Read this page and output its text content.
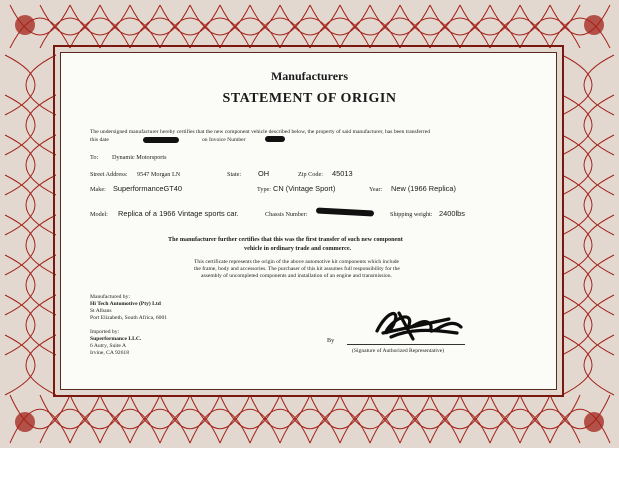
Manufacturers
STATEMENT OF ORIGIN
The undersigned manufacturer hereby certifies that the new component vehicle described below, the property of said manufacturer, has been transferred
this date	on Invoice Number
To: Dynamic Motorsports
Street Address: 9547 Morgan LN	State: OH	Zip Code: 45013
Make: SuperformanceGT40	Type: CN (Vintage Sport)	Year: New (1966 Replica)
Model: Replica of a 1966 Vintage sports car.	Chassis Number:	Shipping weight: 2400lbs
The manufacturer further certifies that this was the first transfer of such new component
vehicle in ordinary trade and commerce.
This certificate represents the origin of the above automotive kit components which include
the frame, body and accessories. The purchaser of this kit assumes full responsibility for the
assembly of uncompleted components and installation of an engine and transmission.
Manufactured by:
Hi Tech Automotive (Pty) Ltd
St Albans
Port Elizabeth, South Africa, 6001
Imported by:
Superformance LLC.
6 Autry, Suite A
Irvine, CA 92618
By
(Signature of Authorized Representative)
